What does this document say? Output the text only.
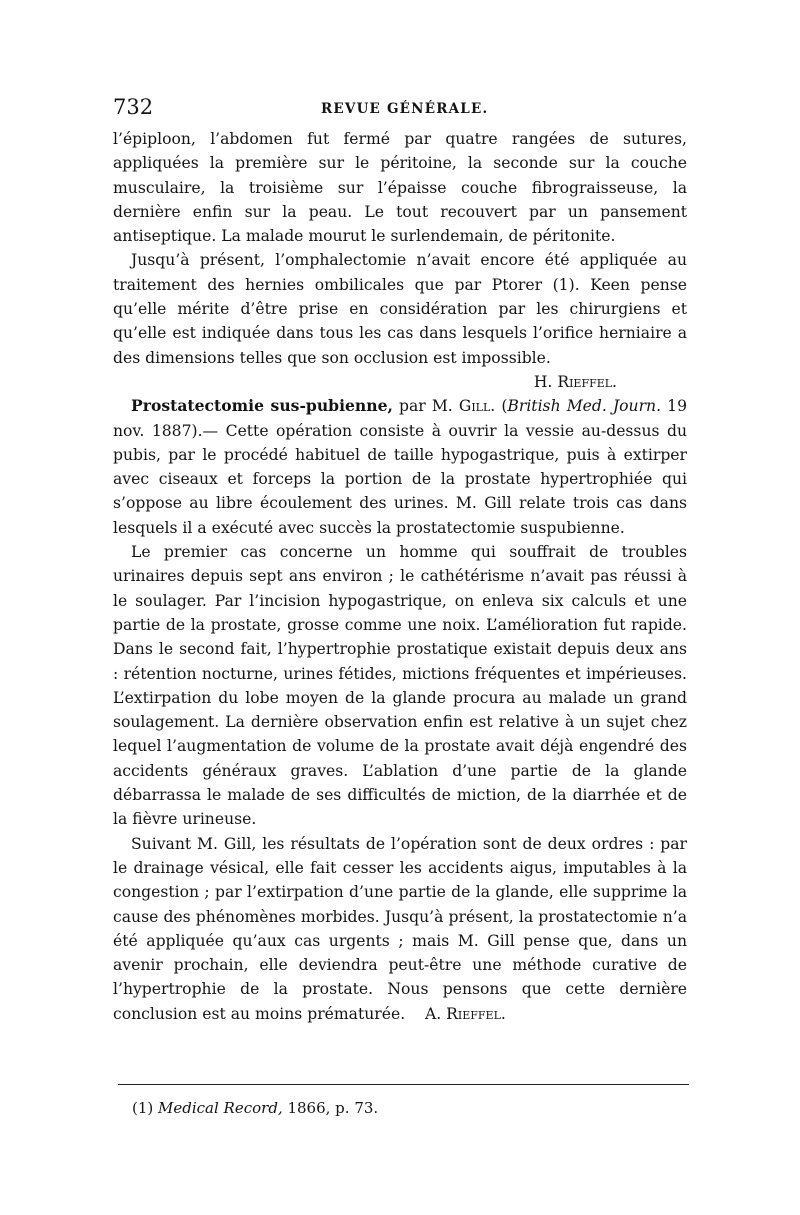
732	REVUE GÉNÉRALE.

l’épiploon, l’abdomen fut fermé par quatre rangées de sutures, appliquées la première sur le péritoine, la seconde sur la couche musculaire, la troisième sur l’épaisse couche fibrograisseuse, la dernière enfin sur la peau. Le tout recouvert par un pansement antiseptique. La malade mourut le surlendemain, de péritonite.

Jusqu’à présent, l’omphalectomie n’avait encore été appliquée au traitement des hernies ombilicales que par Ptorer (1). Keen pense qu’elle mérite d’être prise en considération par les chirurgiens et qu’elle est indiquée dans tous les cas dans lesquels l’orifice herniaire a des dimensions telles que son occlusion est impossible.

H. Rieffel.

Prostatectomie sus-pubienne, par M. Gill. (British Med. Journ. 19 nov. 1887).— Cette opération consiste à ouvrir la vessie au-dessus du pubis, par le procédé habituel de taille hypogastrique, puis à extirper avec ciseaux et forceps la portion de la prostate hypertrophiée qui s’oppose au libre écoulement des urines. M. Gill relate trois cas dans lesquels il a exécuté avec succès la prostatectomie suspubienne.

Le premier cas concerne un homme qui souffrait de troubles urinaires depuis sept ans environ ; le cathétérisme n’avait pas réussi à le soulager. Par l’incision hypogastrique, on enleva six calculs et une partie de la prostate, grosse comme une noix. L’amélioration fut rapide. Dans le second fait, l’hypertrophie prostatique existait depuis deux ans : rétention nocturne, urines fétides, mictions fréquentes et impérieuses. L’extirpation du lobe moyen de la glande procura au malade un grand soulagement. La dernière observation enfin est relative à un sujet chez lequel l’augmentation de volume de la prostate avait déjà engendré des accidents généraux graves. L’ablation d’une partie de la glande débarrassa le malade de ses difficultés de miction, de la diarrhée et de la fièvre urineuse.

Suivant M. Gill, les résultats de l’opération sont de deux ordres : par le drainage vésical, elle fait cesser les accidents aigus, imputables à la congestion ; par l’extirpation d’une partie de la glande, elle supprime la cause des phénomènes morbides. Jusqu’à présent, la prostatectomie n’a été appliquée qu’aux cas urgents ; mais M. Gill pense que, dans un avenir prochain, elle deviendra peut-être une méthode curative de l’hypertrophie de la prostate. Nous pensons que cette dernière conclusion est au moins prématurée. A. Rieffel.

(1) Medical Record, 1866, p. 73.
